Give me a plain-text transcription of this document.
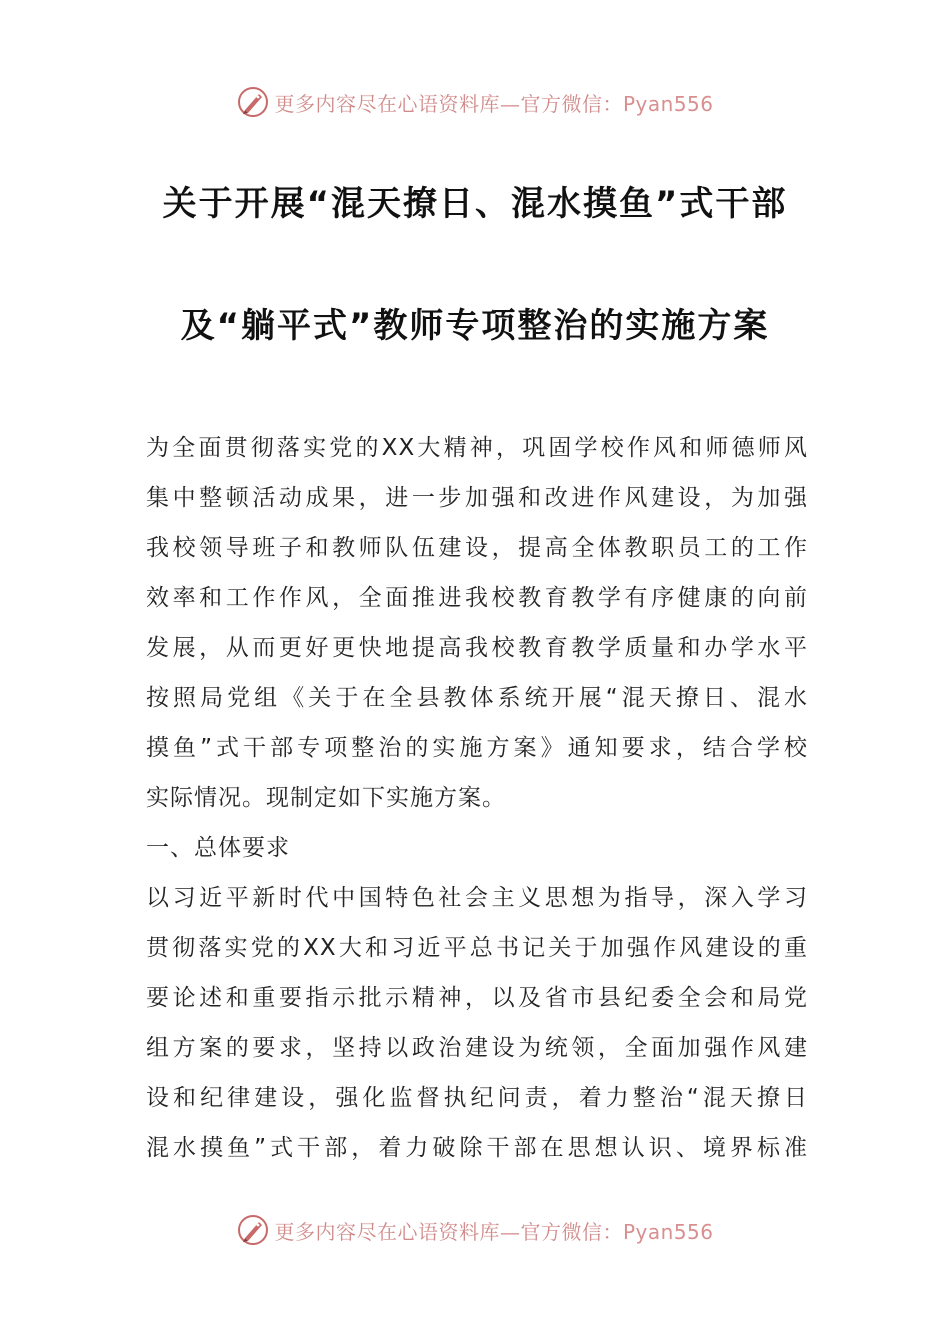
更多内容尽在心语资料库—官方微信：Pyan556
关于开展“混天撩日、混水摸鱼”式干部
及“躺平式”教师专项整治的实施方案
为全面贯彻落实党的XX大精神，巩固学校作风和师德师风
集中整顿活动成果，进一步加强和改进作风建设，为加强
我校领导班子和教师队伍建设，提高全体教职员工的工作
效率和工作作风，全面推进我校教育教学有序健康的向前
发展，从而更好更快地提高我校教育教学质量和办学水平
按照局党组《关于在全县教体系统开展“混天撩日、混水
摸鱼”式干部专项整治的实施方案》通知要求，结合学校
实际情况。现制定如下实施方案。
一、总体要求
以习近平新时代中国特色社会主义思想为指导，深入学习
贯彻落实党的XX大和习近平总书记关于加强作风建设的重
要论述和重要指示批示精神，以及省市县纪委全会和局党
组方案的要求，坚持以政治建设为统领，全面加强作风建
设和纪律建设，强化监督执纪问责，着力整治“混天撩日
混水摸鱼”式干部，着力破除干部在思想认识、境界标准
更多内容尽在心语资料库—官方微信：Pyan556
